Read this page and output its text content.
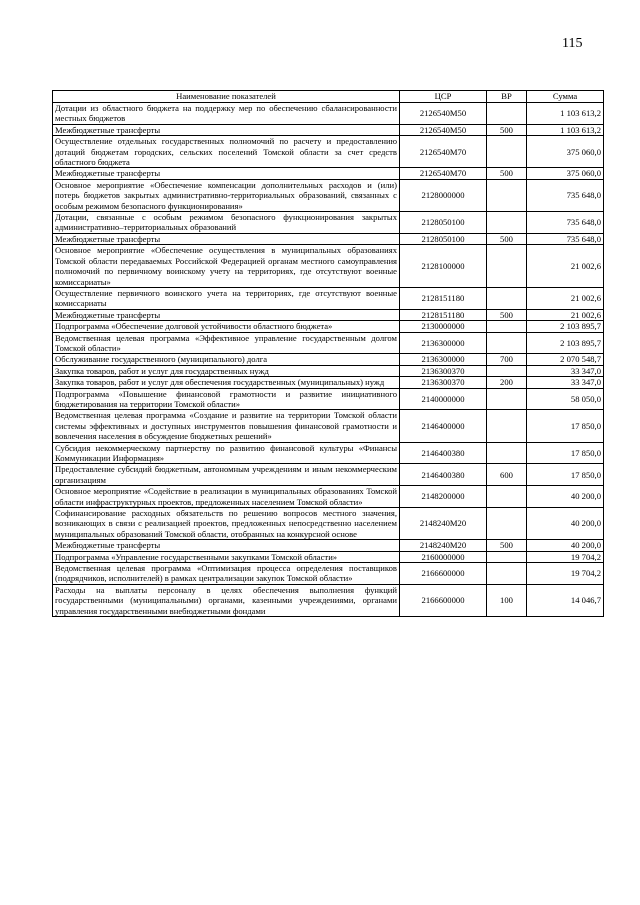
115
Наименование показателей	ЦСР	ВР	Сумма
Дотации из областного бюджета на поддержку мер по обеспечению сбалансированности местных бюджетов	2126540M50		1 103 613,2
Межбюджетные трансферты	2126540M50	500	1 103 613,2
Осуществление отдельных государственных полномочий по расчету и предоставлению дотаций бюджетам городских, сельских поселений Томской области за счет средств областного бюджета	2126540M70		375 060,0
Межбюджетные трансферты	2126540M70	500	375 060,0
Основное мероприятие «Обеспечение компенсации дополнительных расходов и (или) потерь бюджетов закрытых административно-территориальных образований, связанных с особым режимом безопасного функционирования»	2128000000		735 648,0
Дотации, связанные с особым режимом безопасного функционирования закрытых административно–территориальных образований	2128050100		735 648,0
Межбюджетные трансферты	2128050100	500	735 648,0
Основное мероприятие «Обеспечение осуществления в муниципальных образованиях Томской области передаваемых Российской Федерацией органам местного самоуправления полномочий по первичному воинскому учету на территориях, где отсутствуют военные комиссариаты»	2128100000		21 002,6
Осуществление первичного воинского учета на территориях, где отсутствуют военные комиссариаты	2128151180		21 002,6
Межбюджетные трансферты	2128151180	500	21 002,6
Подпрограмма «Обеспечение долговой устойчивости областного бюджета»	2130000000		2 103 895,7
Ведомственная целевая программа «Эффективное управление государственным долгом Томской области»	2136300000		2 103 895,7
Обслуживание государственного (муниципального) долга	2136300000	700	2 070 548,7
Закупка товаров, работ и услуг для государственных нужд	2136300370		33 347,0
Закупка товаров, работ и услуг для обеспечения государственных (муниципальных) нужд	2136300370	200	33 347,0
Подпрограмма «Повышение финансовой грамотности и развитие инициативного бюджетирования на территории Томской области»	2140000000		58 050,0
Ведомственная целевая программа «Создание и развитие на территории Томской области системы эффективных и доступных инструментов повышения финансовой грамотности и вовлечения населения в обсуждение бюджетных решений»	2146400000		17 850,0
Субсидия некоммерческому партнерству по развитию финансовой культуры «Финансы Коммуникации Информация»	2146400380		17 850,0
Предоставление субсидий бюджетным, автономным учреждениям и иным некоммерческим организациям	2146400380	600	17 850,0
Основное мероприятие «Содействие в реализации в муниципальных образованиях Томской области инфраструктурных проектов, предложенных населением Томской области»	2148200000		40 200,0
Софинансирование расходных обязательств по решению вопросов местного значения, возникающих в связи с реализацией проектов, предложенных непосредственно населением муниципальных образований Томской области, отобранных на конкурсной основе	2148240M20		40 200,0
Межбюджетные трансферты	2148240M20	500	40 200,0
Подпрограмма «Управление государственными закупками Томской области»	2160000000		19 704,2
Ведомственная целевая программа «Оптимизация процесса определения поставщиков (подрядчиков, исполнителей) в рамках централизации закупок Томской области»	2166600000		19 704,2
Расходы на выплаты персоналу в целях обеспечения выполнения функций государственными (муниципальными) органами, казенными учреждениями, органами управления государственными внебюджетными фондами	2166600000	100	14 046,7
